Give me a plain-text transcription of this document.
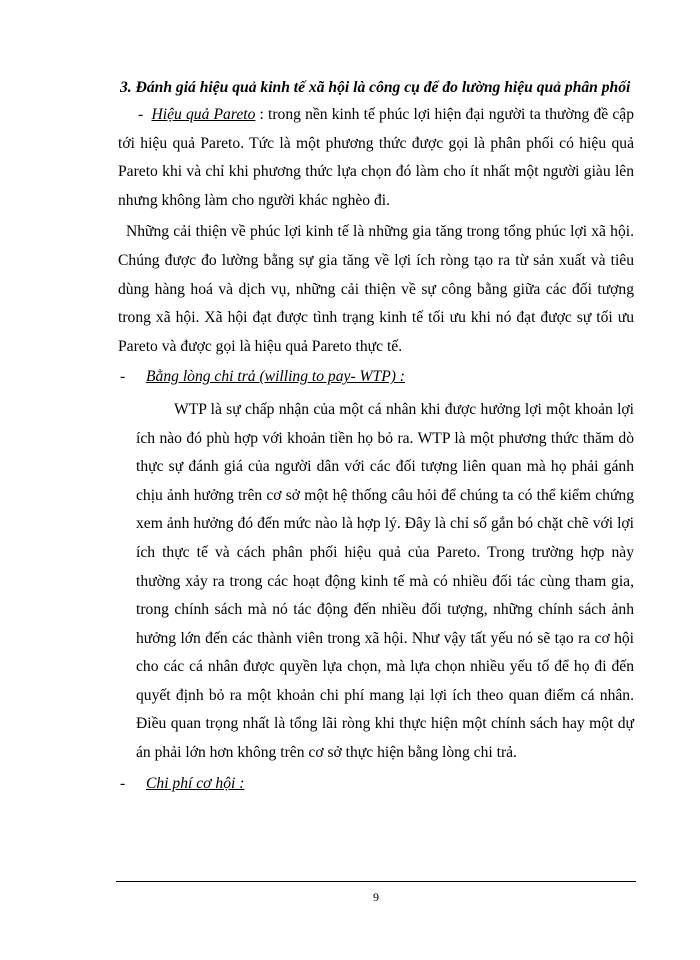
3. Đánh giá hiệu quả kinh tế xã hội là công cụ để đo lường hiệu quả phân phối

- Hiệu quả Pareto : trong nền kinh tế phúc lợi hiện đại người ta thường đề cập tới hiệu quả Pareto. Tức là một phương thức được gọi là phân phối có hiệu quả Pareto khi và chỉ khi phương thức lựa chọn đó làm cho ít nhất một người giàu lên nhưng không làm cho người khác nghèo đi.

Những cải thiện về phúc lợi kinh tế là những gia tăng trong tổng phúc lợi xã hội. Chúng được đo lường bằng sự gia tăng về lợi ích ròng tạo ra từ sản xuất và tiêu dùng hàng hoá và dịch vụ, những cải thiện về sự công bằng giữa các đối tượng trong xã hội. Xã hội đạt được tình trạng kinh tế tối ưu khi nó đạt được sự tối ưu Pareto và được gọi là hiệu quả Pareto thực tế.

- Bằng lòng chi trả (willing to pay- WTP) :

WTP là sự chấp nhận của một cá nhân khi được hưởng lợi một khoản lợi ích nào đó phù hợp với khoản tiền họ bỏ ra. WTP là một phương thức thăm dò thực sự đánh giá của người dân với các đối tượng liên quan mà họ phải gánh chịu ảnh hưởng trên cơ sở một hệ thống câu hỏi để chúng ta có thể kiểm chứng xem ảnh hưởng đó đến mức nào là hợp lý. Đây là chỉ số gắn bó chặt chẽ với lợi ích thực tế và cách phân phối hiệu quả của Pareto. Trong trường hợp này thường xảy ra trong các hoạt động kinh tế mà có nhiều đối tác cùng tham gia, trong chính sách mà nó tác động đến nhiều đối tượng, những chính sách ảnh hưởng lớn đến các thành viên trong xã hội. Như vậy tất yếu nó sẽ tạo ra cơ hội cho các cá nhân được quyền lựa chọn, mà lựa chọn nhiều yếu tố để họ đi đến quyết định bỏ ra một khoản chi phí mang lại lợi ích theo quan điểm cá nhân. Điều quan trọng nhất là tổng lãi ròng khi thực hiện một chính sách hay một dự án phải lớn hơn không trên cơ sở thực hiện bằng lòng chi trả.

- Chi phí cơ hội :

9
